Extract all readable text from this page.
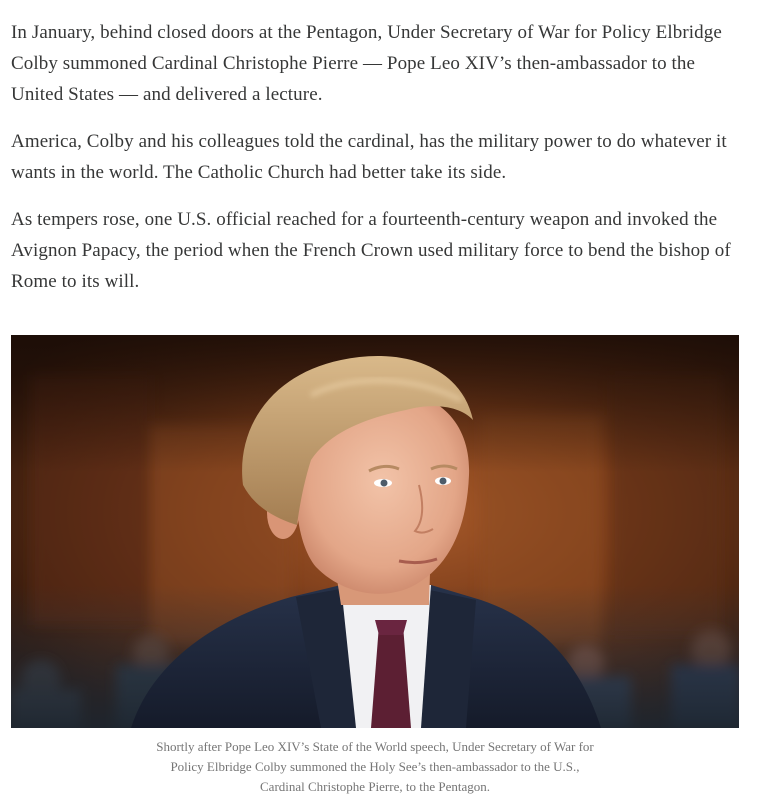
In January, behind closed doors at the Pentagon, Under Secretary of War for Policy Elbridge Colby summoned Cardinal Christophe Pierre — Pope Leo XIV’s then-ambassador to the United States — and delivered a lecture.

America, Colby and his colleagues told the cardinal, has the military power to do whatever it wants in the world. The Catholic Church had better take its side.

As tempers rose, one U.S. official reached for a fourteenth-century weapon and invoked the Avignon Papacy, the period when the French Crown used military force to bend the bishop of Rome to its will.

Shortly after Pope Leo XIV’s State of the World speech, Under Secretary of War for
Policy Elbridge Colby summoned the Holy See’s then-ambassador to the U.S.,
Cardinal Christophe Pierre, to the Pentagon.
